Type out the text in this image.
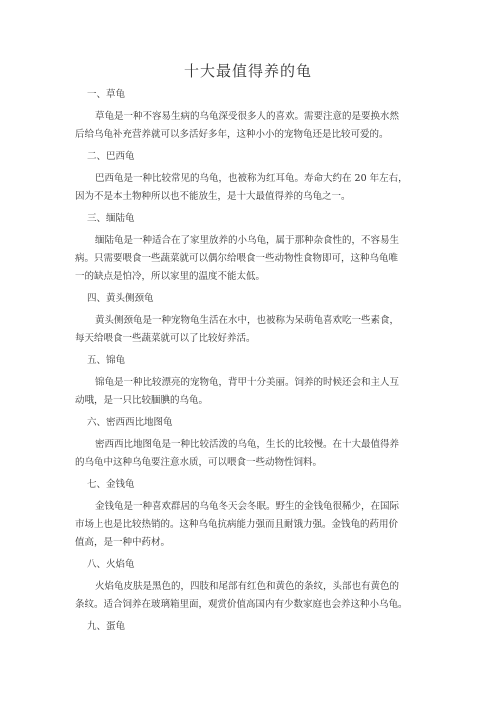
十大最值得养的龟
一、草龟
草龟是一种不容易生病的乌龟深受很多人的喜欢。需要注意的是要换水然
后给乌龟补充营养就可以多活好多年，这种小小的宠物龟还是比较可爱的。
二、巴西龟
巴西龟是一种比较常见的乌龟，也被称为红耳龟。寿命大约在 20 年左右，
因为不是本土物种所以也不能放生，是十大最值得养的乌龟之一。
三、缅陆龟
缅陆龟是一种适合在了家里放养的小乌龟，属于那种杂食性的，不容易生
病。只需要喂食一些蔬菜就可以偶尔给喂食一些动物性食物即可，这种乌龟唯
一的缺点是怕冷，所以家里的温度不能太低。
四、黄头侧颈龟
黄头侧颈龟是一种宠物龟生活在水中，也被称为呆萌龟喜欢吃一些素食，
每天给喂食一些蔬菜就可以了比较好养活。
五、锦龟
锦龟是一种比较漂亮的宠物龟，背甲十分美丽。饲养的时候还会和主人互
动哦，是一只比较腼腆的乌龟。
六、密西西比地图龟
密西西比地图龟是一种比较活泼的乌龟，生长的比较慢。在十大最值得养
的乌龟中这种乌龟要注意水质，可以喂食一些动物性饲料。
七、金钱龟
金钱龟是一种喜欢群居的乌龟冬天会冬眠。野生的金钱龟很稀少，在国际
市场上也是比较热销的。这种乌龟抗病能力强而且耐饿力强。金钱龟的药用价
值高，是一种中药材。
八、火焰龟
火焰龟皮肤是黑色的，四肢和尾部有红色和黄色的条纹，头部也有黄色的
条纹。适合饲养在玻璃箱里面，观赏价值高国内有少数家庭也会养这种小乌龟。
九、蛋龟
